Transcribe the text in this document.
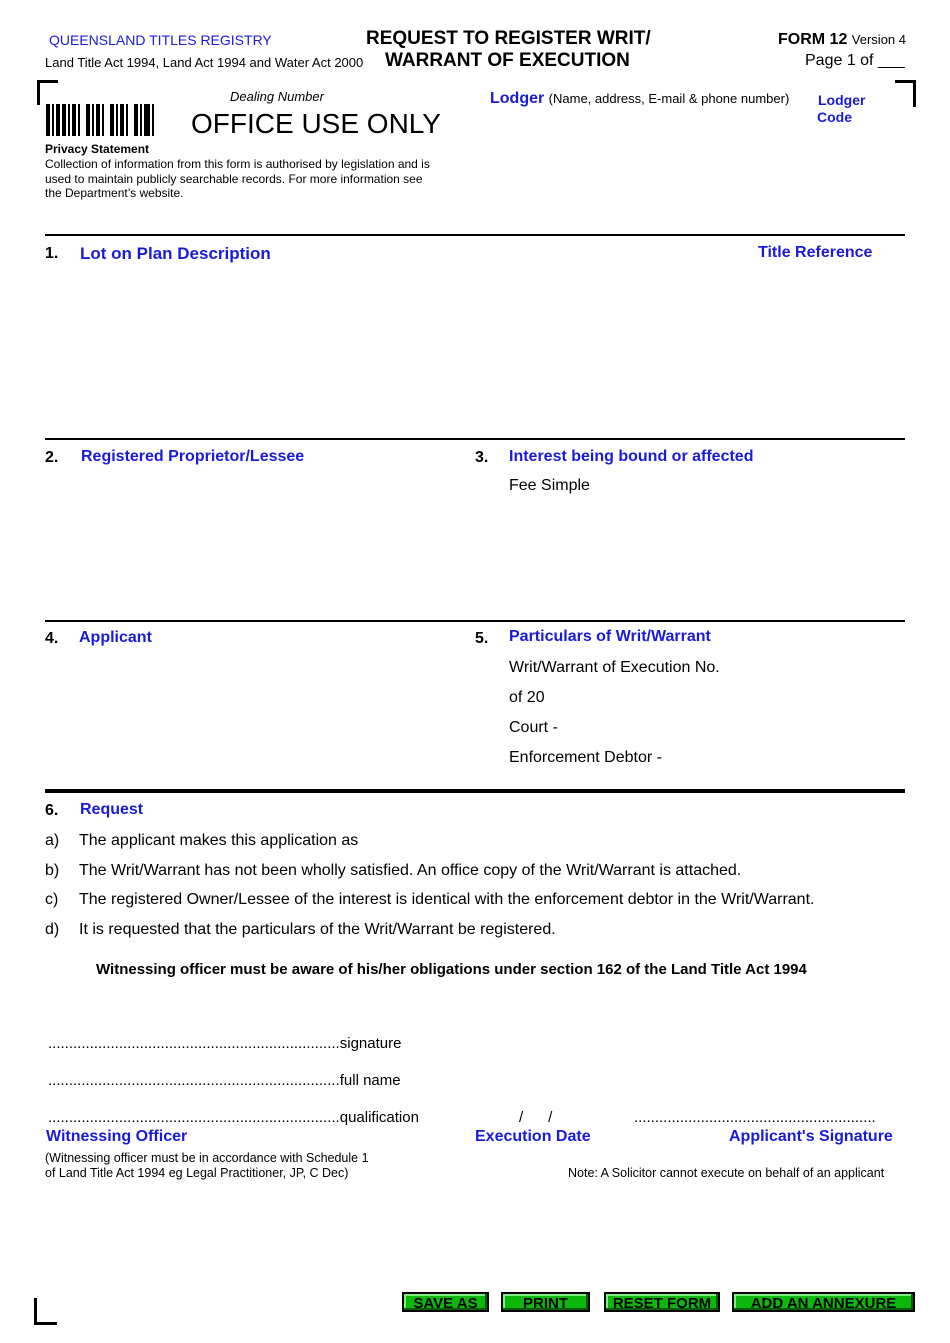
QUEENSLAND TITLES REGISTRY
Land Title Act 1994, Land Act 1994 and Water Act 2000
REQUEST TO REGISTER WRIT/
WARRANT OF EXECUTION
FORM 12 Version 4
Page 1 of ___
Dealing Number
OFFICE USE ONLY
Privacy Statement
Collection of information from this form is authorised by legislation and is
used to maintain publicly searchable records. For more information see
the Department’s website.
Lodger (Name, address, E-mail & phone number) Lodger
Code
1. Lot on Plan Description	Title Reference
2. Registered Proprietor/Lessee	3. Interest being bound or affected
Fee Simple
4. Applicant	5. Particulars of Writ/Warrant
Writ/Warrant of Execution No.
of 20
Court -
Enforcement Debtor -
6. Request
a) The applicant makes this application as
b) The Writ/Warrant has not been wholly satisfied. An office copy of the Writ/Warrant is attached.
c) The registered Owner/Lessee of the interest is identical with the enforcement debtor in the Writ/Warrant.
d) It is requested that the particulars of the Writ/Warrant be registered.
Witnessing officer must be aware of his/her obligations under section 162 of the Land Title Act 1994
......................................................................signature
......................................................................full name
......................................................................qualification	/      /	..........................................................
Witnessing Officer	Execution Date	Applicant's Signature
(Witnessing officer must be in accordance with Schedule 1
of Land Title Act 1994 eg Legal Practitioner, JP, C Dec)	Note: A Solicitor cannot execute on behalf of an applicant
SAVE AS	PRINT	RESET FORM	ADD AN ANNEXURE
